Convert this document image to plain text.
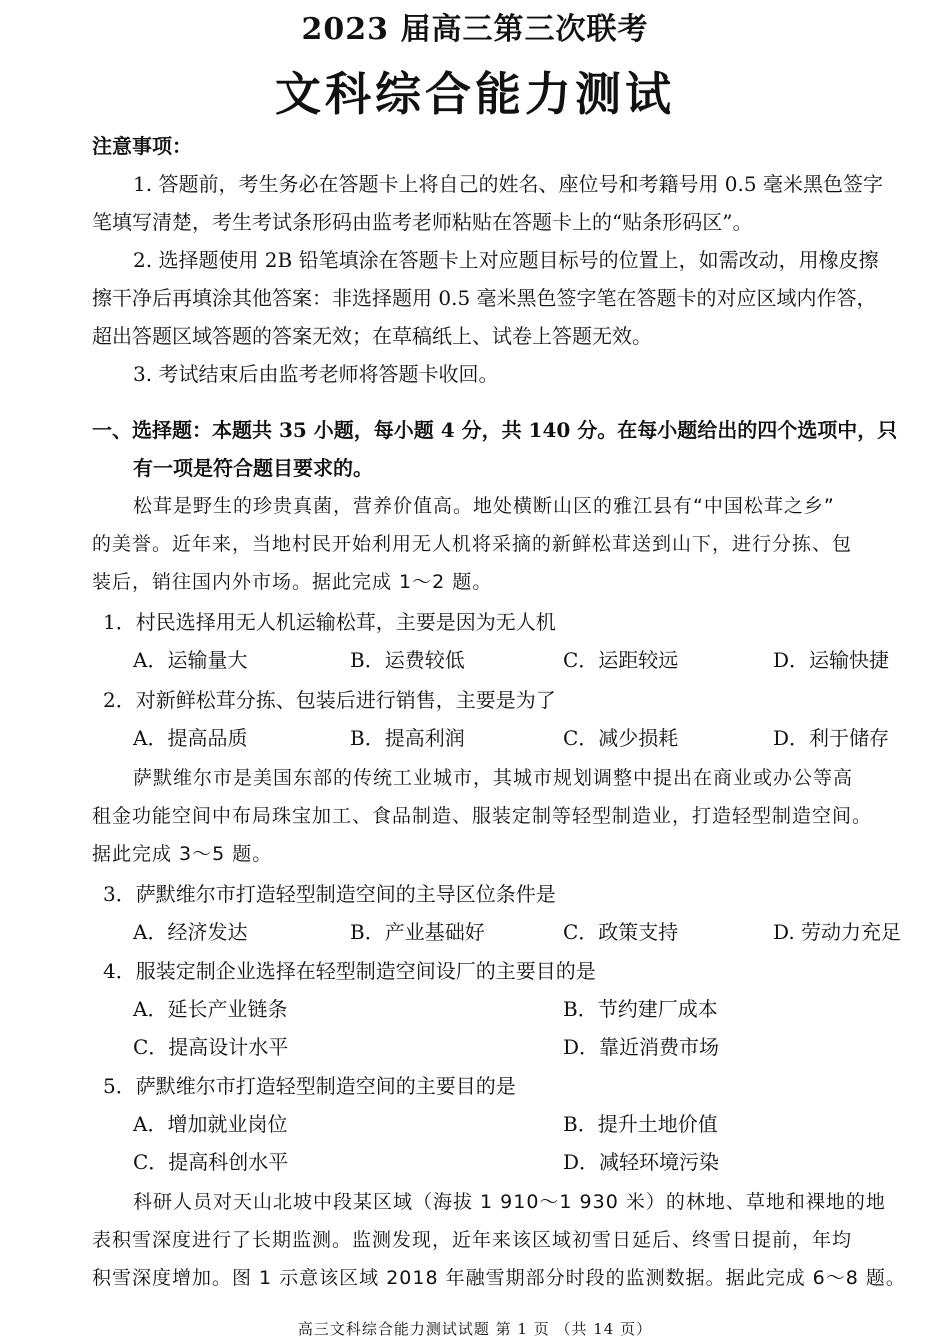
2023 届高三第三次联考
文科综合能力测试
注意事项：
1. 答题前，考生务必在答题卡上将自己的姓名、座位号和考籍号用 0.5 毫米黑色签字
笔填写清楚，考生考试条形码由监考老师粘贴在答题卡上的“贴条形码区”。
2. 选择题使用 2B 铅笔填涂在答题卡上对应题目标号的位置上，如需改动，用橡皮擦
擦干净后再填涂其他答案：非选择题用 0.5 毫米黑色签字笔在答题卡的对应区域内作答，
超出答题区域答题的答案无效；在草稿纸上、试卷上答题无效。
3. 考试结束后由监考老师将答题卡收回。
一、选择题：本题共 35 小题，每小题 4 分，共 140 分。在每小题给出的四个选项中，只
有一项是符合题目要求的。
松茸是野生的珍贵真菌，营养价值高。地处横断山区的雅江县有“中国松茸之乡”
的美誉。近年来，当地村民开始利用无人机将采摘的新鲜松茸送到山下，进行分拣、包
装后，销往国内外市场。据此完成 1～2 题。
1．村民选择用无人机运输松茸，主要是因为无人机
A．运输量大	B．运费较低	C．运距较远	D．运输快捷
2．对新鲜松茸分拣、包装后进行销售，主要是为了
A．提高品质	B．提高利润	C．减少损耗	D．利于储存
萨默维尔市是美国东部的传统工业城市，其城市规划调整中提出在商业或办公等高
租金功能空间中布局珠宝加工、食品制造、服装定制等轻型制造业，打造轻型制造空间。
据此完成 3～5 题。
3．萨默维尔市打造轻型制造空间的主导区位条件是
A．经济发达	B．产业基础好	C．政策支持	D. 劳动力充足
4．服装定制企业选择在轻型制造空间设厂的主要目的是
A．延长产业链条	B．节约建厂成本
C．提高设计水平	D．靠近消费市场
5．萨默维尔市打造轻型制造空间的主要目的是
A．增加就业岗位	B．提升土地价值
C．提高科创水平	D．减轻环境污染
科研人员对天山北坡中段某区域（海拔 1 910～1 930 米）的林地、草地和裸地的地
表积雪深度进行了长期监测。监测发现，近年来该区域初雪日延后、终雪日提前，年均
积雪深度增加。图 1 示意该区域 2018 年融雪期部分时段的监测数据。据此完成 6～8 题。
高三文科综合能力测试试题 第 1 页 （共 14 页）
